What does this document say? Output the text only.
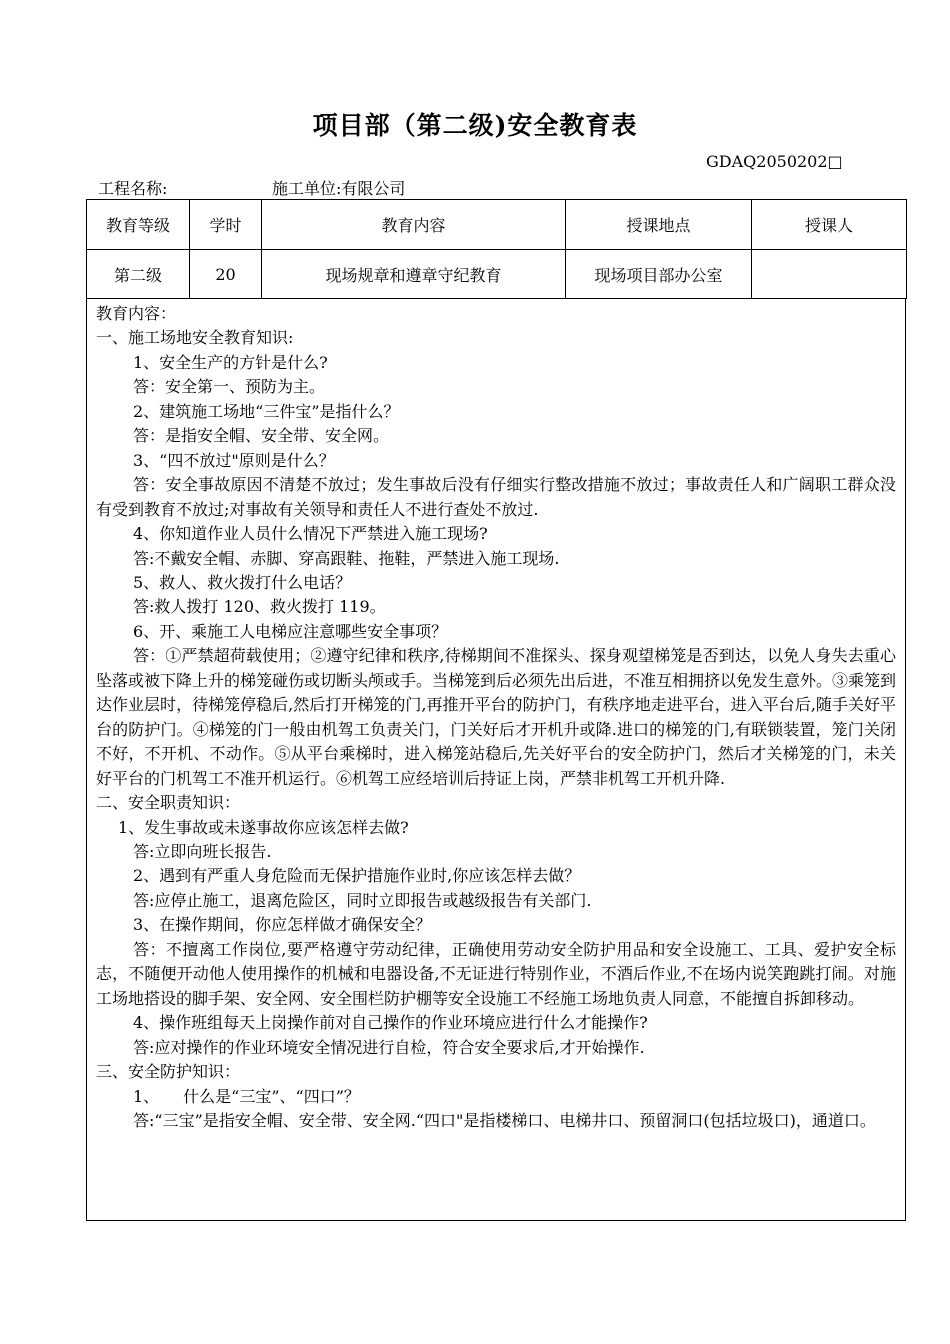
项目部（第二级)安全教育表
GDAQ2050202□
工程名称:	施工单位:有限公司
教育等级	学时	教育内容	授课地点	授课人
第二级	20	现场规章和遵章守纪教育	现场项目部办公室	

教育内容：

一、施工场地安全教育知识:

1、安全生产的方针是什么?

答：安全第一、预防为主。

2、建筑施工场地“三件宝”是指什么？

答：是指安全帽、安全带、安全网。

3、“四不放过"原则是什么？

答：安全事故原因不清楚不放过；发生事故后没有仔细实行整改措施不放过；事故责任人和广阔职工群众没有受到教育不放过;对事故有关领导和责任人不进行查处不放过.

4、你知道作业人员什么情况下严禁进入施工现场?

答:不戴安全帽、赤脚、穿高跟鞋、拖鞋，严禁进入施工现场.

5、救人、救火拨打什么电话？

答:救人拨打 120、救火拨打 119。

6、开、乘施工人电梯应注意哪些安全事项？

答：①严禁超荷载使用；②遵守纪律和秩序,待梯期间不准探头、探身观望梯笼是否到达，以免人身失去重心坠落或被下降上升的梯笼碰伤或切断头颅或手。当梯笼到后必须先出后进，不准互相拥挤以免发生意外。③乘笼到达作业层时，待梯笼停稳后,然后打开梯笼的门,再推开平台的防护门，有秩序地走进平台，进入平台后,随手关好平台的防护门。④梯笼的门一般由机驾工负责关门，门关好后才开机升或降.进口的梯笼的门,有联锁装置，笼门关闭不好，不开机、不动作。⑤从平台乘梯时，进入梯笼站稳后,先关好平台的安全防护门，然后才关梯笼的门，未关好平台的门机驾工不准开机运行。⑥机驾工应经培训后持证上岗，严禁非机驾工开机升降.

二、安全职责知识：

1、发生事故或未遂事故你应该怎样去做?

答:立即向班长报告.

2、遇到有严重人身危险而无保护措施作业时,你应该怎样去做？

答:应停止施工，退离危险区，同时立即报告或越级报告有关部门.

3、在操作期间，你应怎样做才确保安全？

答：不擅离工作岗位,要严格遵守劳动纪律，正确使用劳动安全防护用品和安全设施工、工具、爱护安全标志，不随便开动他人使用操作的机械和电器设备,不无证进行特别作业，不酒后作业,不在场内说笑跑跳打闹。对施工场地搭设的脚手架、安全网、安全围栏防护棚等安全设施工不经施工场地负责人同意，不能擅自拆卸移动。

4、操作班组每天上岗操作前对自己操作的作业环境应进行什么才能操作?

答:应对操作的作业环境安全情况进行自检，符合安全要求后,才开始操作.

三、安全防护知识：

1、　　什么是“三宝”、“四口”？

答:“三宝”是指安全帽、安全带、安全网.“四口"是指楼梯口、电梯井口、预留洞口(包括垃圾口)，通道口。
